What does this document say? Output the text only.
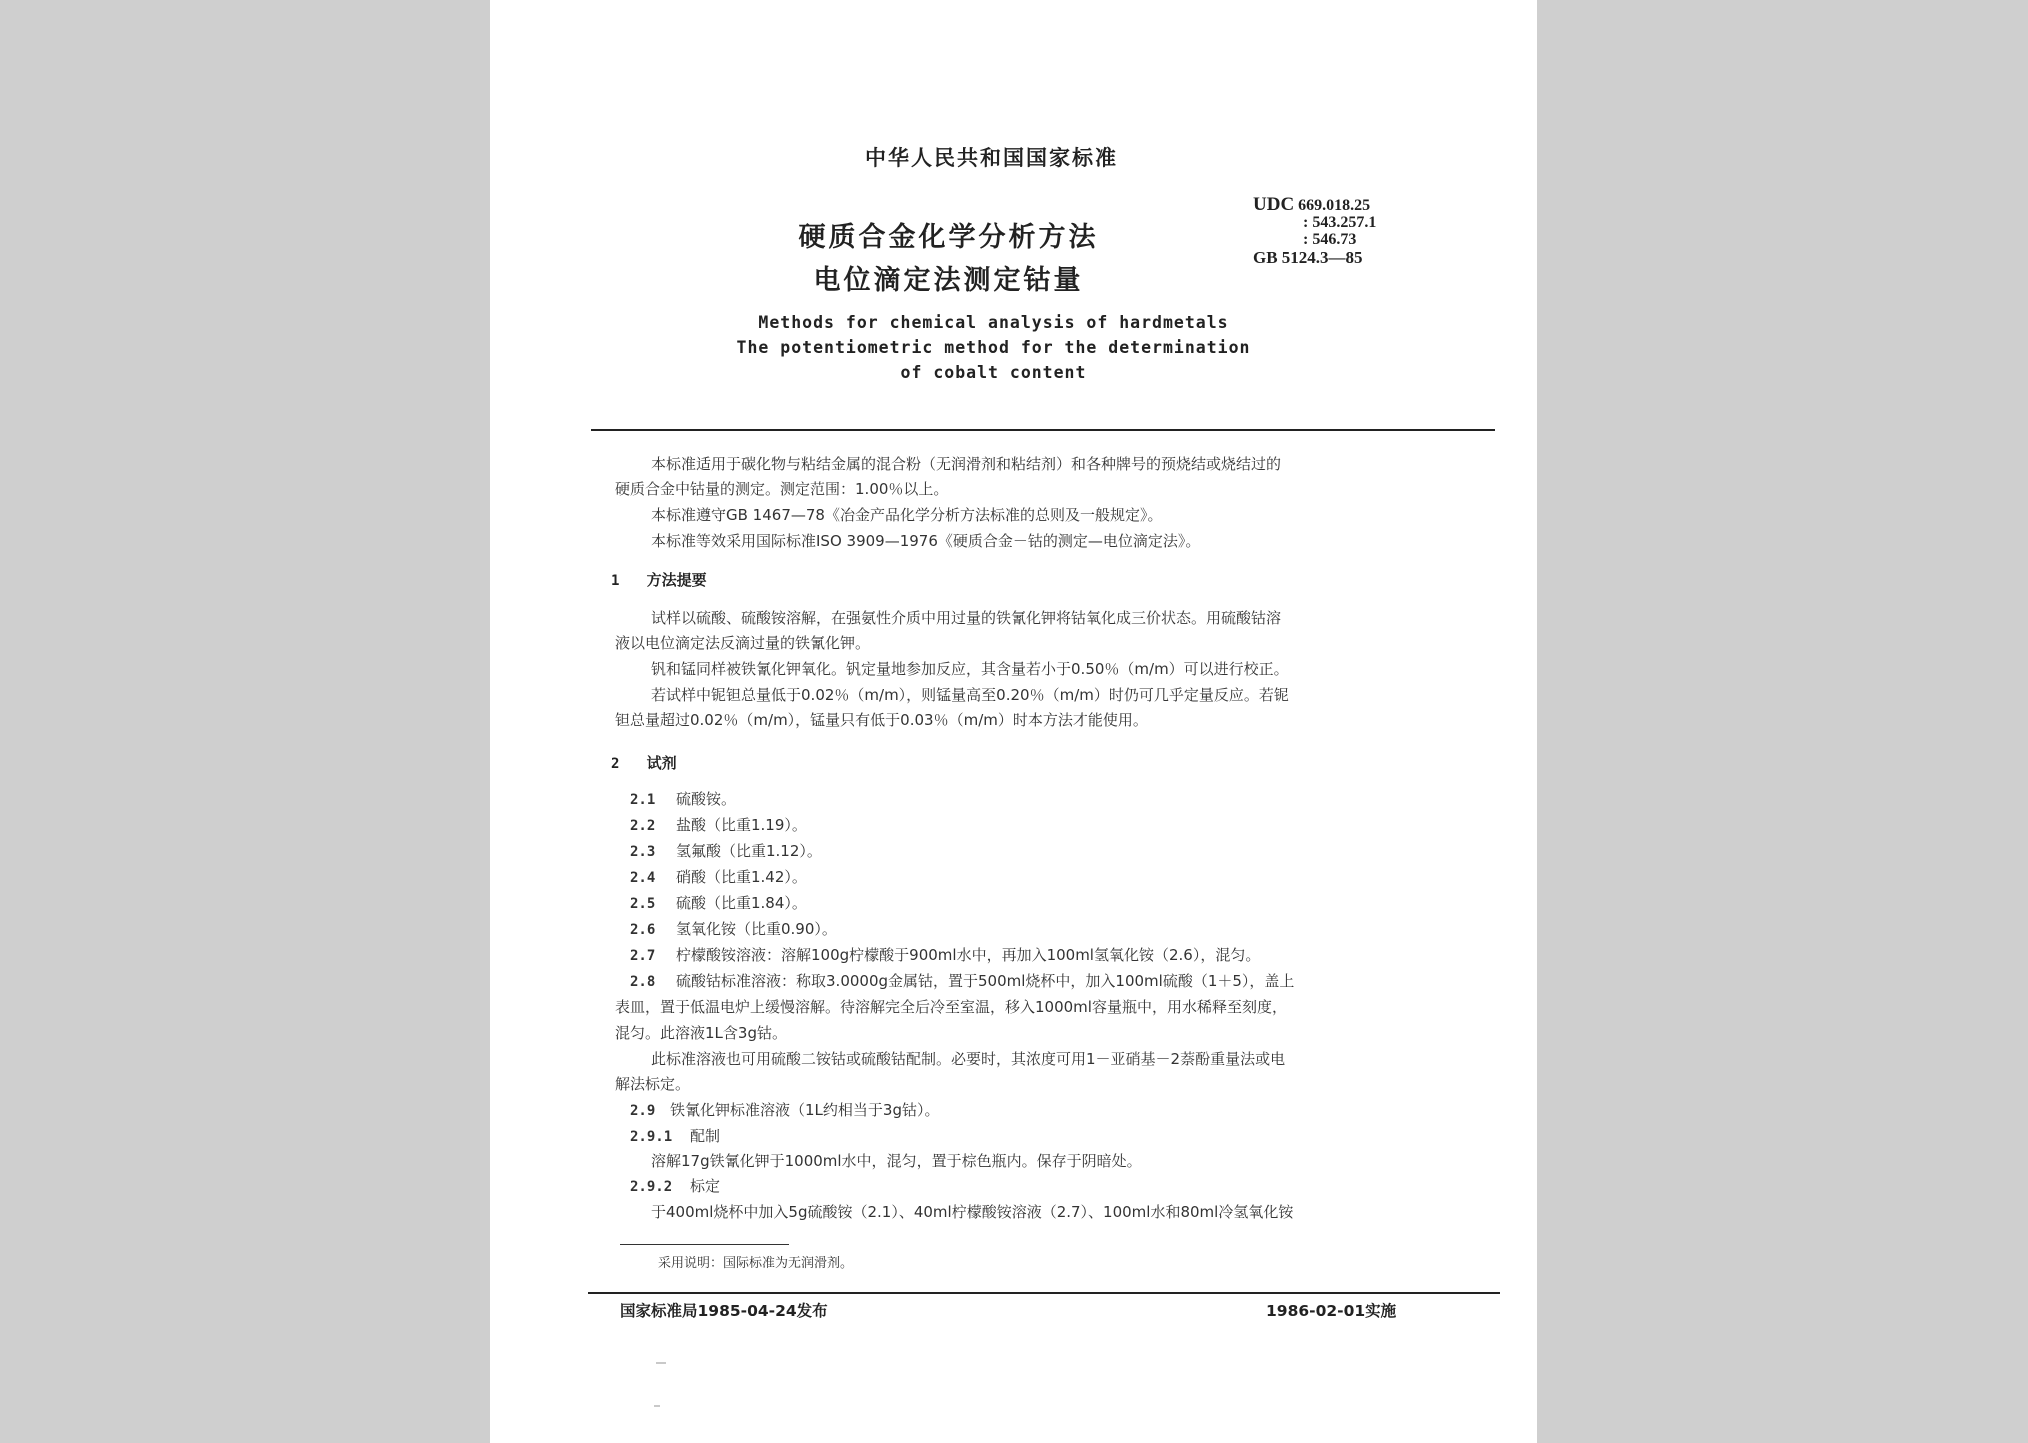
中华人民共和国国家标准
硬质合金化学分析方法
电位滴定法测定钴量
UDC 669.018.25
: 543.257.1
: 546.73
GB 5124.3—85
Methods for chemical analysis of hardmetals
The potentiometric method for the determination
of cobalt content
本标准适用于碳化物与粘结金属的混合粉（无润滑剂和粘结剂）和各种牌号的预烧结或烧结过的
硬质合金中钴量的测定。测定范围：1.00％以上。
本标准遵守GB 1467—78《冶金产品化学分析方法标准的总则及一般规定》。
本标准等效采用国际标准ISO 3909—1976《硬质合金－钴的测定—电位滴定法》。
1 方法提要
试样以硫酸、硫酸铵溶解，在强氨性介质中用过量的铁氰化钾将钴氧化成三价状态。用硫酸钴溶
液以电位滴定法反滴过量的铁氰化钾。
钒和锰同样被铁氰化钾氧化。钒定量地参加反应，其含量若小于0.50％（m/m）可以进行校正。
若试样中铌钽总量低于0.02％（m/m），则锰量高至0.20％（m/m）时仍可几乎定量反应。若铌
钽总量超过0.02％（m/m），锰量只有低于0.03％（m/m）时本方法才能使用。
2 试剂
2.1 硫酸铵。
2.2 盐酸（比重1.19）。
2.3 氢氟酸（比重1.12）。
2.4 硝酸（比重1.42）。
2.5 硫酸（比重1.84）。
2.6 氢氧化铵（比重0.90）。
2.7 柠檬酸铵溶液：溶解100g柠檬酸于900ml水中，再加入100ml氢氧化铵（2.6），混匀。
2.8 硫酸钴标准溶液：称取3.0000g金属钴，置于500ml烧杯中，加入100ml硫酸（1＋5），盖上
表皿，置于低温电炉上缓慢溶解。待溶解完全后冷至室温，移入1000ml容量瓶中，用水稀释至刻度，
混匀。此溶液1L含3g钴。
此标准溶液也可用硫酸二铵钴或硫酸钴配制。必要时，其浓度可用1－亚硝基－2萘酚重量法或电
解法标定。
2.9 铁氰化钾标准溶液（1L约相当于3g钴）。
2.9.1 配制
溶解17g铁氰化钾于1000ml水中，混匀，置于棕色瓶内。保存于阴暗处。
2.9.2 标定
于400ml烧杯中加入5g硫酸铵（2.1）、40ml柠檬酸铵溶液（2.7）、100ml水和80ml冷氢氧化铵
采用说明：国际标准为无润滑剂。
国家标准局1985-04-24发布	1986-02-01实施
